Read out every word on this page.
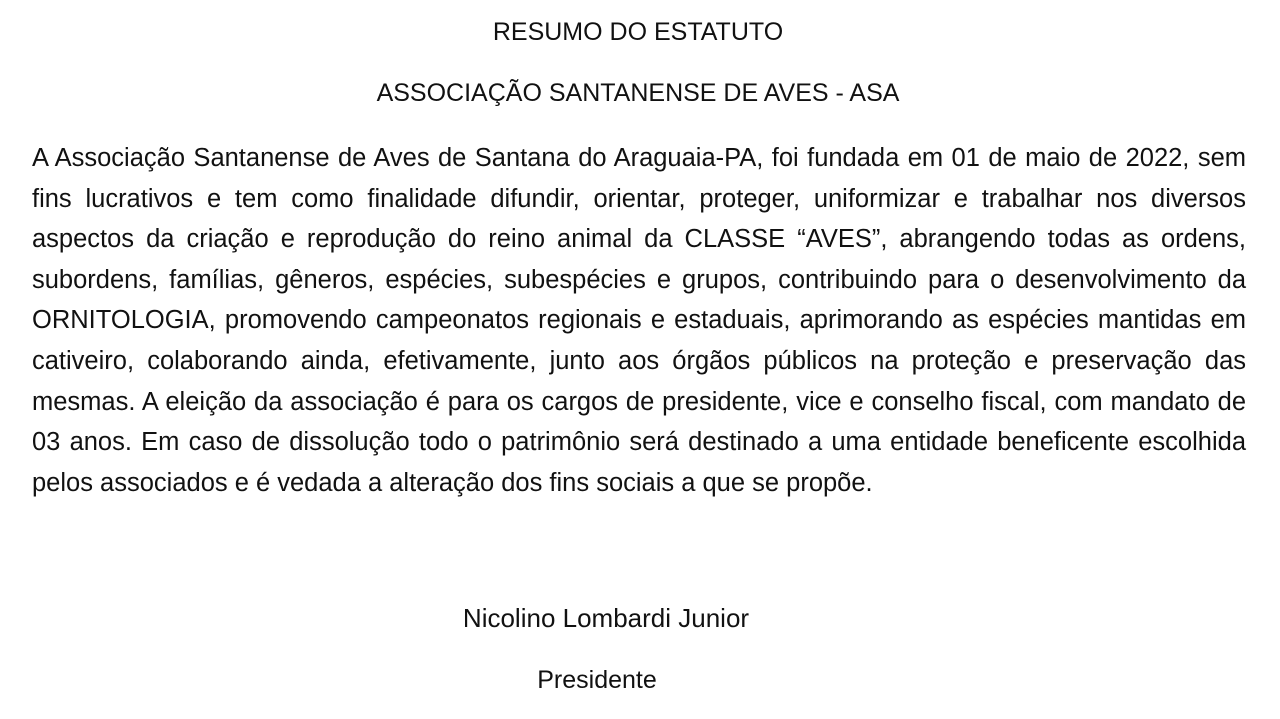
RESUMO DO ESTATUTO
ASSOCIAÇÃO SANTANENSE DE AVES - ASA

A Associação Santanense de Aves de Santana do Araguaia-PA, foi fundada em 01 de maio de 2022, sem fins lucrativos e tem como finalidade difundir, orientar, proteger, uniformizar e trabalhar nos diversos aspectos da criação e reprodução do reino animal da CLASSE “AVES”, abrangendo todas as ordens, subordens, famílias, gêneros, espécies, subespécies e grupos, contribuindo para o desenvolvimento da ORNITOLOGIA, promovendo campeonatos regionais e estaduais, aprimorando as espécies mantidas em cativeiro, colaborando ainda, efetivamente, junto aos órgãos públicos na proteção e preservação das mesmas. A eleição da associação é para os cargos de presidente, vice e conselho fiscal, com mandato de 03 anos. Em caso de dissolução todo o patrimônio será destinado a uma entidade beneficente escolhida pelos associados e é vedada a alteração dos fins sociais a que se propõe.

Nicolino Lombardi Junior
Presidente
